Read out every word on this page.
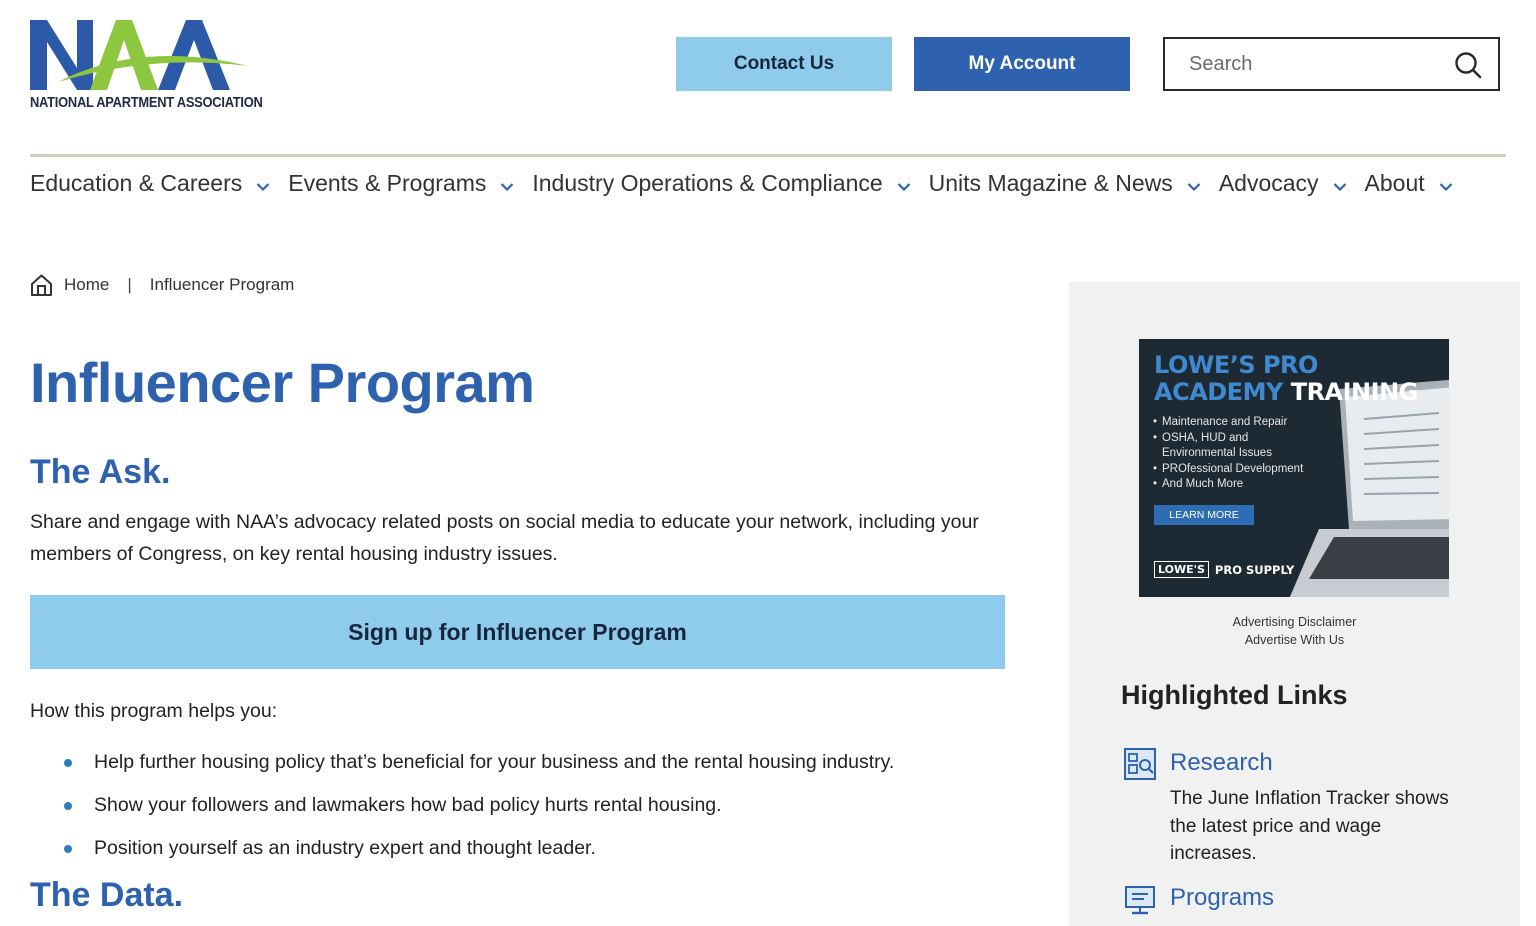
NATIONAL APARTMENT ASSOCIATION
Contact Us	My Account
Search
Education & Careers Events & Programs Industry Operations & Compliance Units Magazine & News Advocacy About
Home | Influencer Program
Influencer Program
The Ask.

Share and engage with NAA’s advocacy related posts on social media to educate your network, including your members of Congress, on key rental housing industry issues.

Sign up for Influencer Program

How this program helps you:

Help further housing policy that’s beneficial for your business and the rental housing industry.
Show your followers and lawmakers how bad policy hurts rental housing.
Position yourself as an industry expert and thought leader.
The Data.
LOWE’S PRO
ACADEMY TRAINING
• Maintenance and Repair
• OSHA, HUD and Environmental Issues
• PROfessional Development
• And Much More
LEARN MORE
LOWE'S PRO SUPPLY
Advertising Disclaimer
Advertise With Us
Highlighted Links
Research

The June Inflation Tracker shows the latest price and wage increases.

Programs
